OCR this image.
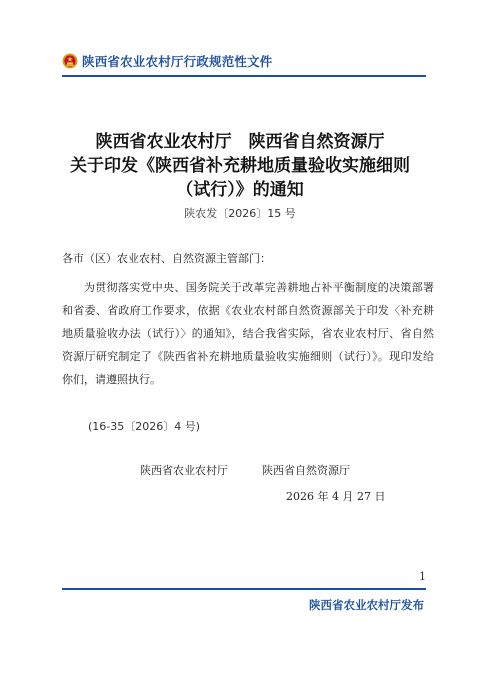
陕西省农业农村厅行政规范性文件
陕西省农业农村厅　陕西省自然资源厅
关于印发《陕西省补充耕地质量验收实施细则
（试行）》的通知
陕农发〔2026〕15 号
各市（区）农业农村、自然资源主管部门：
为贯彻落实党中央、国务院关于改革完善耕地占补平衡制度的决策部署和省委、省政府工作要求，依据《农业农村部自然资源部关于印发〈补充耕地质量验收办法（试行）〉的通知》，结合我省实际，省农业农村厅、省自然资源厅研究制定了《陕西省补充耕地质量验收实施细则（试行）》。现印发给你们，请遵照执行。
(16-35〔2026〕4 号)
陕西省农业农村厅	陕西省自然资源厅
2026 年 4 月 27 日
1
陕西省农业农村厅发布
